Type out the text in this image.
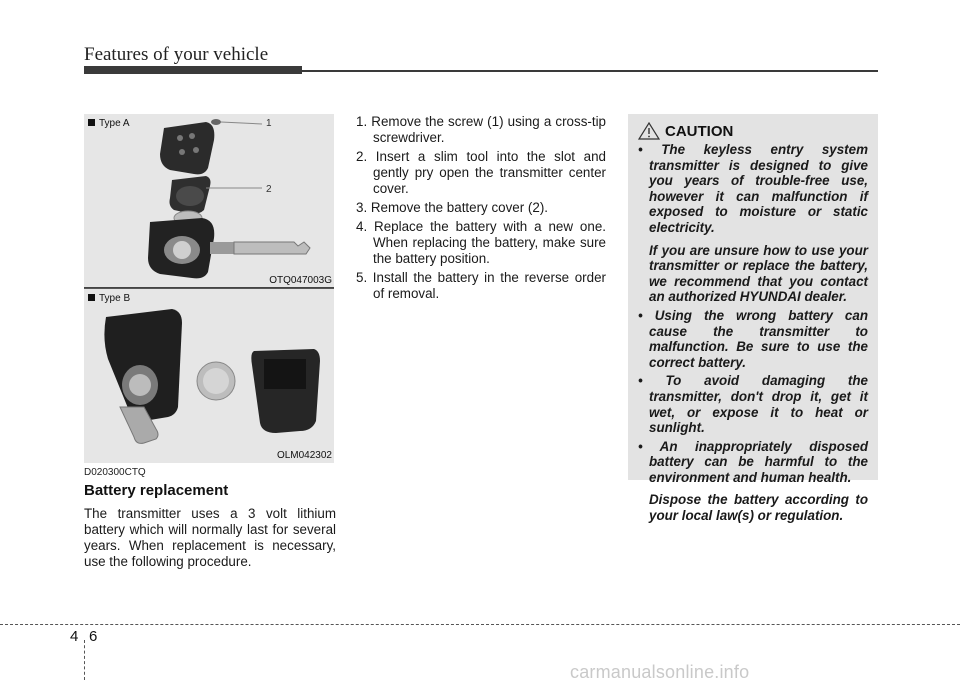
Features of your vehicle
Type A	1
2
OTQ047003G
Type B
OLM042302
D020300CTQ
Battery replacement
The transmitter uses a 3 volt lithium battery which will normally last for several years. When replacement is necessary, use the following procedure.
1. Remove the screw (1) using a cross-tip screwdriver.
2. Insert a slim tool into the slot and gently pry open the transmitter center cover.
3. Remove the battery cover (2).
4. Replace the battery with a new one. When replacing the battery, make sure the battery position.
5. Install the battery in the reverse order of removal.
CAUTION
• The keyless entry system transmitter is designed to give you years of trouble-free use, however it can malfunction if exposed to moisture or static electricity.
If you are unsure how to use your transmitter or replace the battery, we recommend that you contact an authorized HYUNDAI dealer.
• Using the wrong battery can cause the transmitter to malfunction. Be sure to use the correct battery.
• To avoid damaging the transmitter, don't drop it, get it wet, or expose it to heat or sunlight.
• An inappropriately disposed battery can be harmful to the environment and human health.
Dispose the battery according to your local law(s) or regulation.
4 6
carmanualsonline.info
